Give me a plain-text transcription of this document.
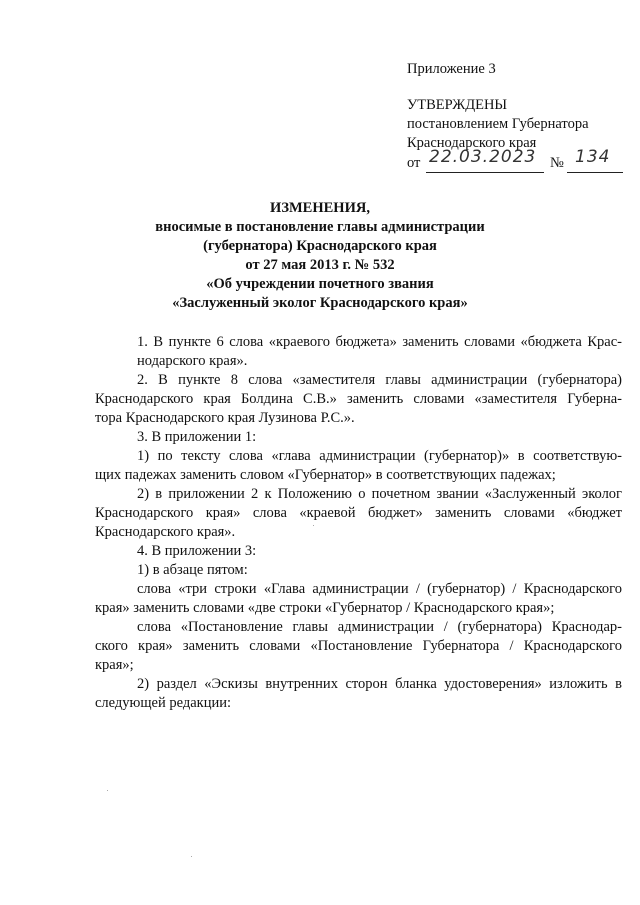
Приложение 3
УТВЕРЖДЕНЫ
постановлением Губернатора
Краснодарского края
от 22.03.2023 № 134
ИЗМЕНЕНИЯ,
вносимые в постановление главы администрации
(губернатора) Краснодарского края
от 27 мая 2013 г. № 532
«Об учреждении почетного звания
«Заслуженный эколог Краснодарского края»

1. В пункте 6 слова «краевого бюджета» заменить словами «бюджета Крас-
нодарского края».

2. В пункте 8 слова «заместителя главы администрации (губернатора)
Краснодарского края Болдина С.В.» заменить словами «заместителя Губерна-
тора Краснодарского края Лузинова Р.С.».

3. В приложении 1:

1) по тексту слова «глава администрации (губернатор)» в соответствую-
щих падежах заменить словом «Губернатор» в соответствующих падежах;

2) в приложении 2 к Положению о почетном звании «Заслуженный эколог
Краснодарского края» слова «краевой бюджет» заменить словами «бюджет
Краснодарского края».

4. В приложении 3:

1) в абзаце пятом:

слова «три строки «Глава администрации / (губернатор) / Краснодарского
края» заменить словами «две строки «Губернатор / Краснодарского края»;

слова «Постановление главы администрации / (губернатора) Краснодар-
ского края» заменить словами «Постановление Губернатора / Краснодарского
края»;

2) раздел «Эскизы внутренних сторон бланка удостоверения» изложить в
следующей редакции:
